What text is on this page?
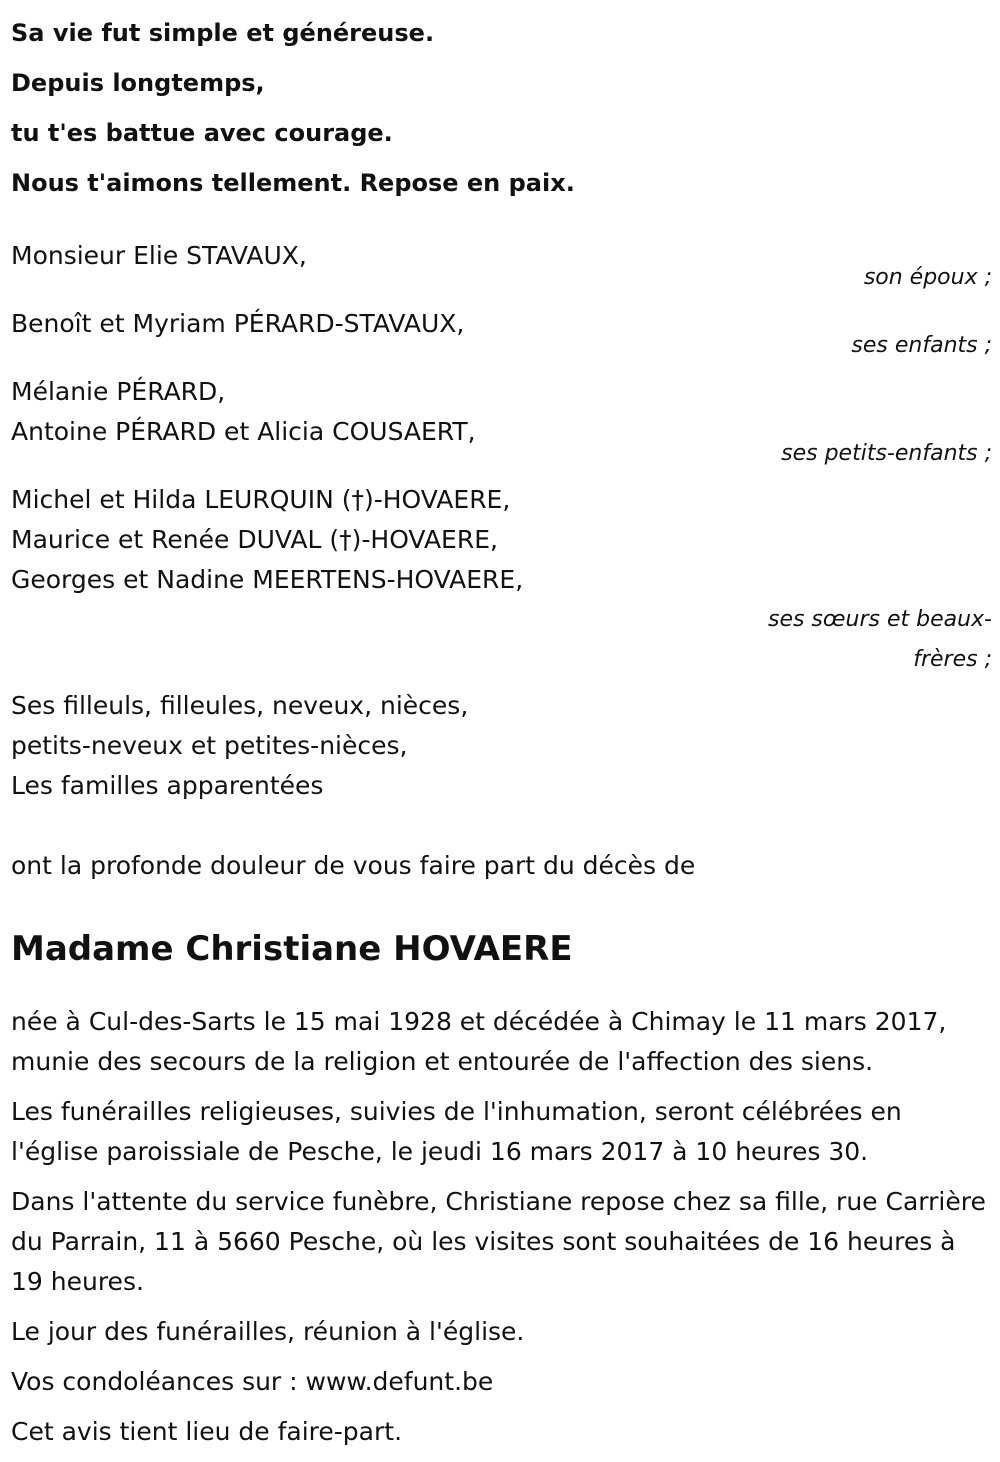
Sa vie fut simple et généreuse.
Depuis longtemps,
tu t'es battue avec courage.
Nous t'aimons tellement. Repose en paix.
Monsieur Elie STAVAUX,
son époux ;
Benoît et Myriam PÉRARD-STAVAUX,
ses enfants ;
Mélanie PÉRARD,
Antoine PÉRARD et Alicia COUSAERT,
ses petits-enfants ;
Michel et Hilda LEURQUIN (†)-HOVAERE,
Maurice et Renée DUVAL (†)-HOVAERE,
Georges et Nadine MEERTENS-HOVAERE,
ses sœurs et beaux-
frères ;
Ses filleuls, filleules, neveux, nièces,
petits-neveux et petites-nièces,
Les familles apparentées
ont la profonde douleur de vous faire part du décès de
Madame Christiane HOVAERE
née à Cul-des-Sarts le 15 mai 1928 et décédée à Chimay le 11 mars 2017, munie des secours de la religion et entourée de l'affection des siens.
Les funérailles religieuses, suivies de l'inhumation, seront célébrées en l'église paroissiale de Pesche, le jeudi 16 mars 2017 à 10 heures 30.
Dans l'attente du service funèbre, Christiane repose chez sa fille, rue Carrière du Parrain, 11 à 5660 Pesche, où les visites sont souhaitées de 16 heures à 19 heures.
Le jour des funérailles, réunion à l'église.
Vos condoléances sur : www.defunt.be
Cet avis tient lieu de faire-part.
